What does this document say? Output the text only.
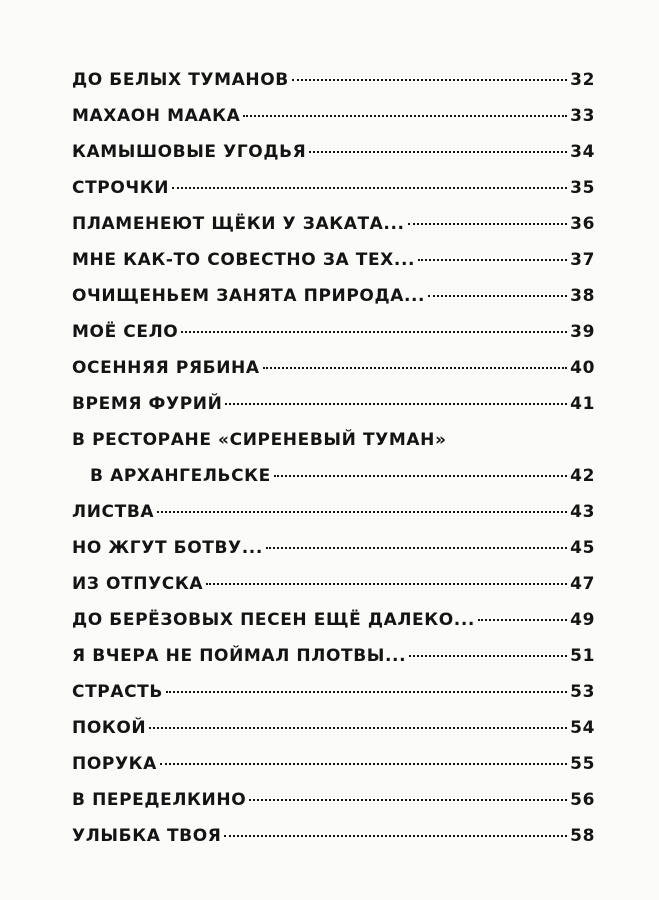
ДО БЕЛЫХ ТУМАНОВ	32
МАХАОН МААКА	33
КАМЫШОВЫЕ УГОДЬЯ	34
СТРОЧКИ	35
ПЛАМЕНЕЮТ ЩЁКИ У ЗАКАТА...	36
МНЕ КАК-ТО СОВЕСТНО ЗА ТЕХ...	37
ОЧИЩЕНЬЕМ ЗАНЯТА ПРИРОДА...	38
МОЁ СЕЛО	39
ОСЕННЯЯ РЯБИНА	40
ВРЕМЯ ФУРИЙ	41
В РЕСТОРАНЕ «СИРЕНЕВЫЙ ТУМАН»
В АРХАНГЕЛЬСКЕ	42
ЛИСТВА	43
НО ЖГУТ БОТВУ...	45
ИЗ ОТПУСКА	47
ДО БЕРЁЗОВЫХ ПЕСЕН ЕЩЁ ДАЛЕКО...	49
Я ВЧЕРА НЕ ПОЙМАЛ ПЛОТВЫ...	51
СТРАСТЬ	53
ПОКОЙ	54
ПОРУКА	55
В ПЕРЕДЕЛКИНО	56
УЛЫБКА ТВОЯ	58
